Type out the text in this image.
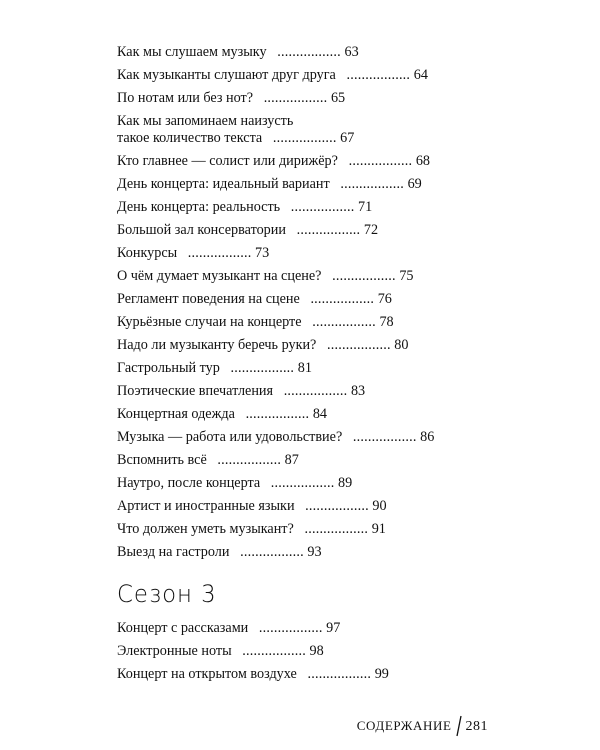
Как мы слушаем музыку ................. 63
Как музыканты слушают друг друга ................. 64
По нотам или без нот? ................. 65
Как мы запоминаем наизусть
такое количество текста ................. 67
Кто главнее — солист или дирижёр? ................. 68
День концерта: идеальный вариант ................. 69
День концерта: реальность ................. 71
Большой зал консерватории ................. 72
Конкурсы ................. 73
О чём думает музыкант на сцене? ................. 75
Регламент поведения на сцене ................. 76
Курьёзные случаи на концерте ................. 78
Надо ли музыканту беречь руки? ................. 80
Гастрольный тур ................. 81
Поэтические впечатления ................. 83
Концертная одежда ................. 84
Музыка — работа или удовольствие? ................. 86
Вспомнить всё ................. 87
Наутро, после концерта ................. 89
Артист и иностранные языки ................. 90
Что должен уметь музыкант? ................. 91
Выезд на гастроли ................. 93
Сезон 3
Концерт с рассказами ................. 97
Электронные ноты ................. 98
Концерт на открытом воздухе ................. 99
СОДЕРЖАНИЕ 281
